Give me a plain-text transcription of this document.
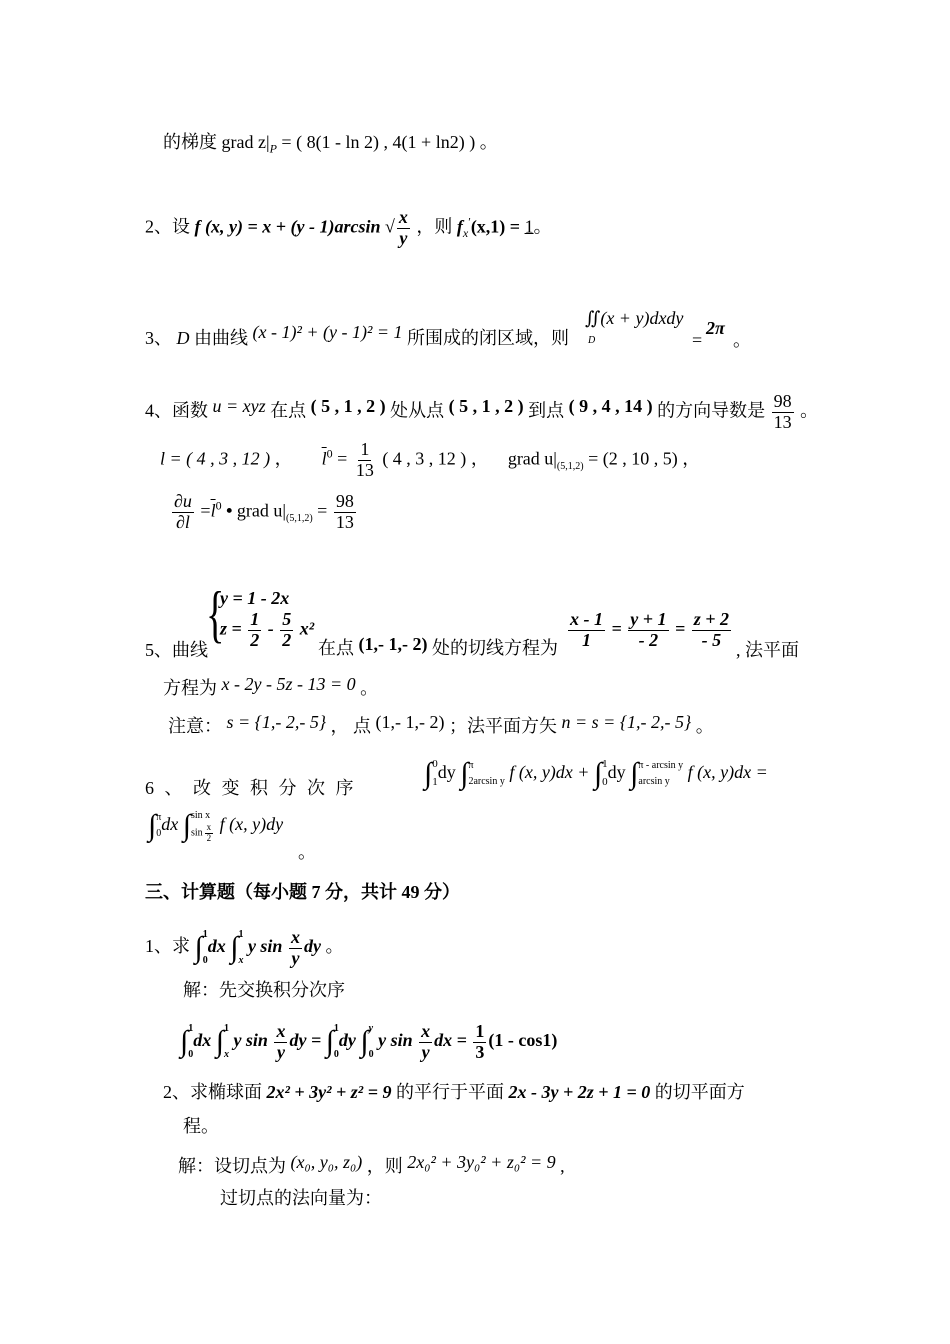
的梯度 grad $z|_P$ = ( 8(1 - ln 2) , 4(1 + ln2) ) 。
2、设 f (x, y) = x + (y - 1)arcsin √ $\frac{x}{y}$ ，则 $f_x'(x,1) = 1$。
3、 D 由曲线 (x - 1)² + (y - 1)² = 1 所围成的闭区域，则
∬(x + y)dxdy
D	=
2π
。
4、函数 u = xyz 在点 ( 5 , 1 , 2 ) 处从点 ( 5 , 1 , 2 ) 到点 ( 9 , 4 , 14 ) 的方向导数是 $\frac{98}{13}$ 。
l = ( 4 , 3 , 12 ) ， $\overline{l}^0 = \frac{1}{13}$ ( 4 , 3 , 12 ) ， grad $u|_{(5,1,2)} = (2$ , 10 , 5) ，
$\frac{\partial u}{\partial l} =\overline{l}^0$ • grad $u|_{(5,1,2)} = \frac{98}{13}$
5、曲线
{
y = 1 - 2x
$z = \frac{1}{2} - \frac{5}{2} x^2$
在点 (1,- 1,- 2) 处的切线方程为 $\frac{x - 1}{1} = \frac{y + 1}{- 2} = \frac{z + 2}{- 5}$ , 法平面
方程为 x - 2y - 5z - 13 = 0 。
注意： s = {1,- 2,- 5} ， 点 (1,- 1,- 2) ；法平面方矢 n = s = {1,- 2,- 5} 。
6 、 改 变 积 分 次 序 ∫ 0
1 dy ∫ π
2arcsin y f (x, y)dx + ∫ 1
0 dy ∫ π - arcsin y
arcsin y f (x, y)dx =
∫ π
0 dx ∫ sin x
$\sin \frac{x}{2}$ f (x, y)dy
。
三、计算题（每小题 7 分，共计 49 分）
1、求 ∫ 1
0
dx ∫ 1
x
y $\sin \frac{x}{y}$ dy 。
解：先交换积分次序
∫ 1
0
dx ∫ 1
x
y $\sin \frac{x}{y}$ dy = ∫ 1
0
dy ∫ y
0
y $\sin \frac{x}{y}$ dx = $\frac{1}{3} (1 - \cos 1)$
2、求椭球面 2x² + 3y² + z² = 9 的平行于平面 2x - 3y + 2z + 1 = 0 的切平面方
程。
解：设切点为 (x₀, y₀, z₀) ，则 2x₀² + 3y₀² + z₀² = 9 ,
过切点的法向量为：
